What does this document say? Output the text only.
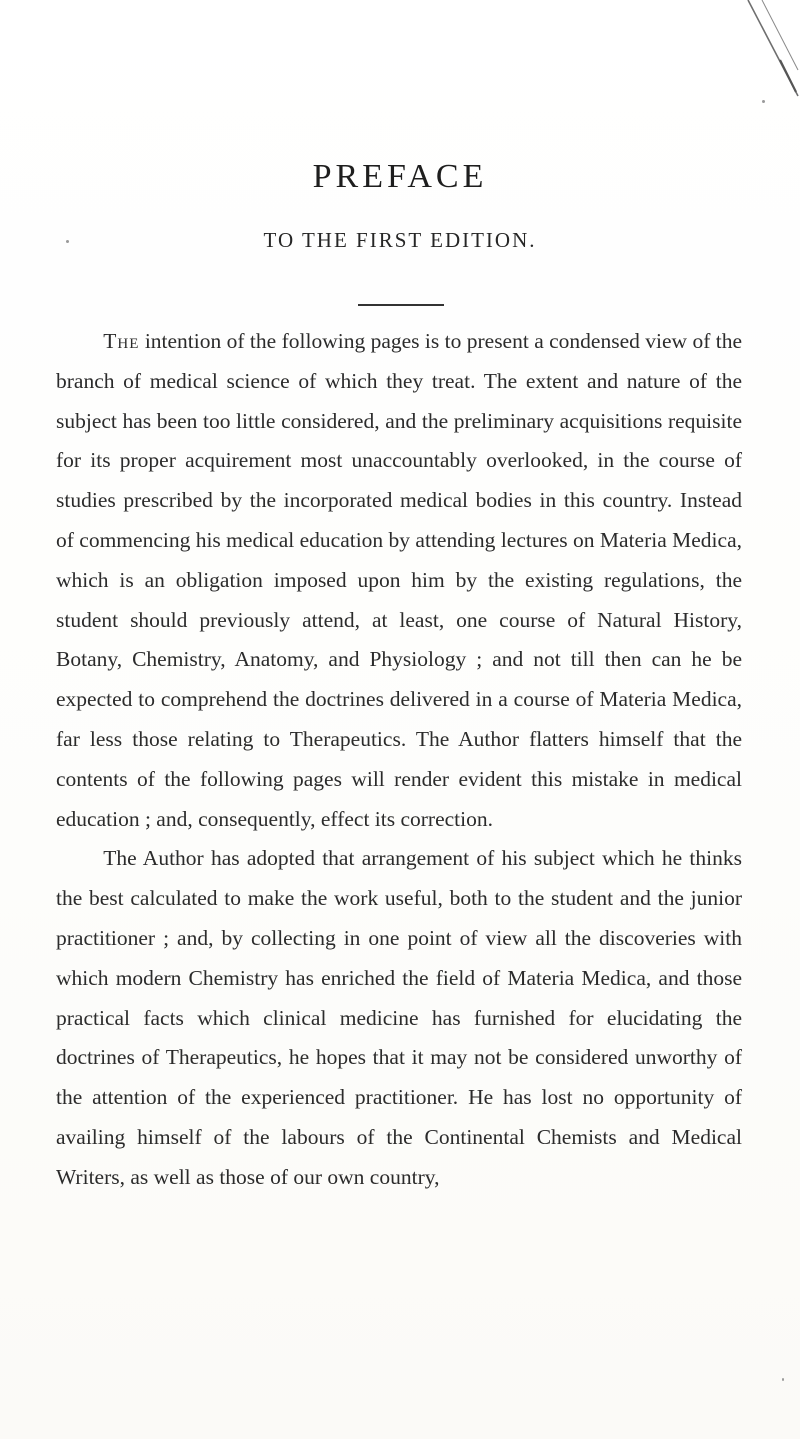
PREFACE
TO THE FIRST EDITION.

The intention of the following pages is to present a condensed view of the branch of medical science of which they treat. The extent and nature of the subject has been too little considered, and the preliminary acquisitions requisite for its proper acquirement most unaccountably overlooked, in the course of studies prescribed by the incorporated medical bodies in this country. Instead of commencing his medical education by attending lectures on Materia Medica, which is an obligation imposed upon him by the existing regulations, the student should previously attend, at least, one course of Natural History, Botany, Chemistry, Anatomy, and Physiology ; and not till then can he be expected to comprehend the doctrines delivered in a course of Materia Medica, far less those relating to Therapeutics. The Author flatters himself that the contents of the following pages will render evident this mistake in medical education ; and, consequently, effect its correction.

The Author has adopted that arrangement of his subject which he thinks the best calculated to make the work useful, both to the student and the junior practitioner ; and, by collecting in one point of view all the discoveries with which modern Chemistry has enriched the field of Materia Medica, and those practical facts which clinical medicine has furnished for elucidating the doctrines of Therapeutics, he hopes that it may not be considered unworthy of the attention of the experienced practitioner. He has lost no opportunity of availing himself of the labours of the Continental Chemists and Medical Writers, as well as those of our own country,
